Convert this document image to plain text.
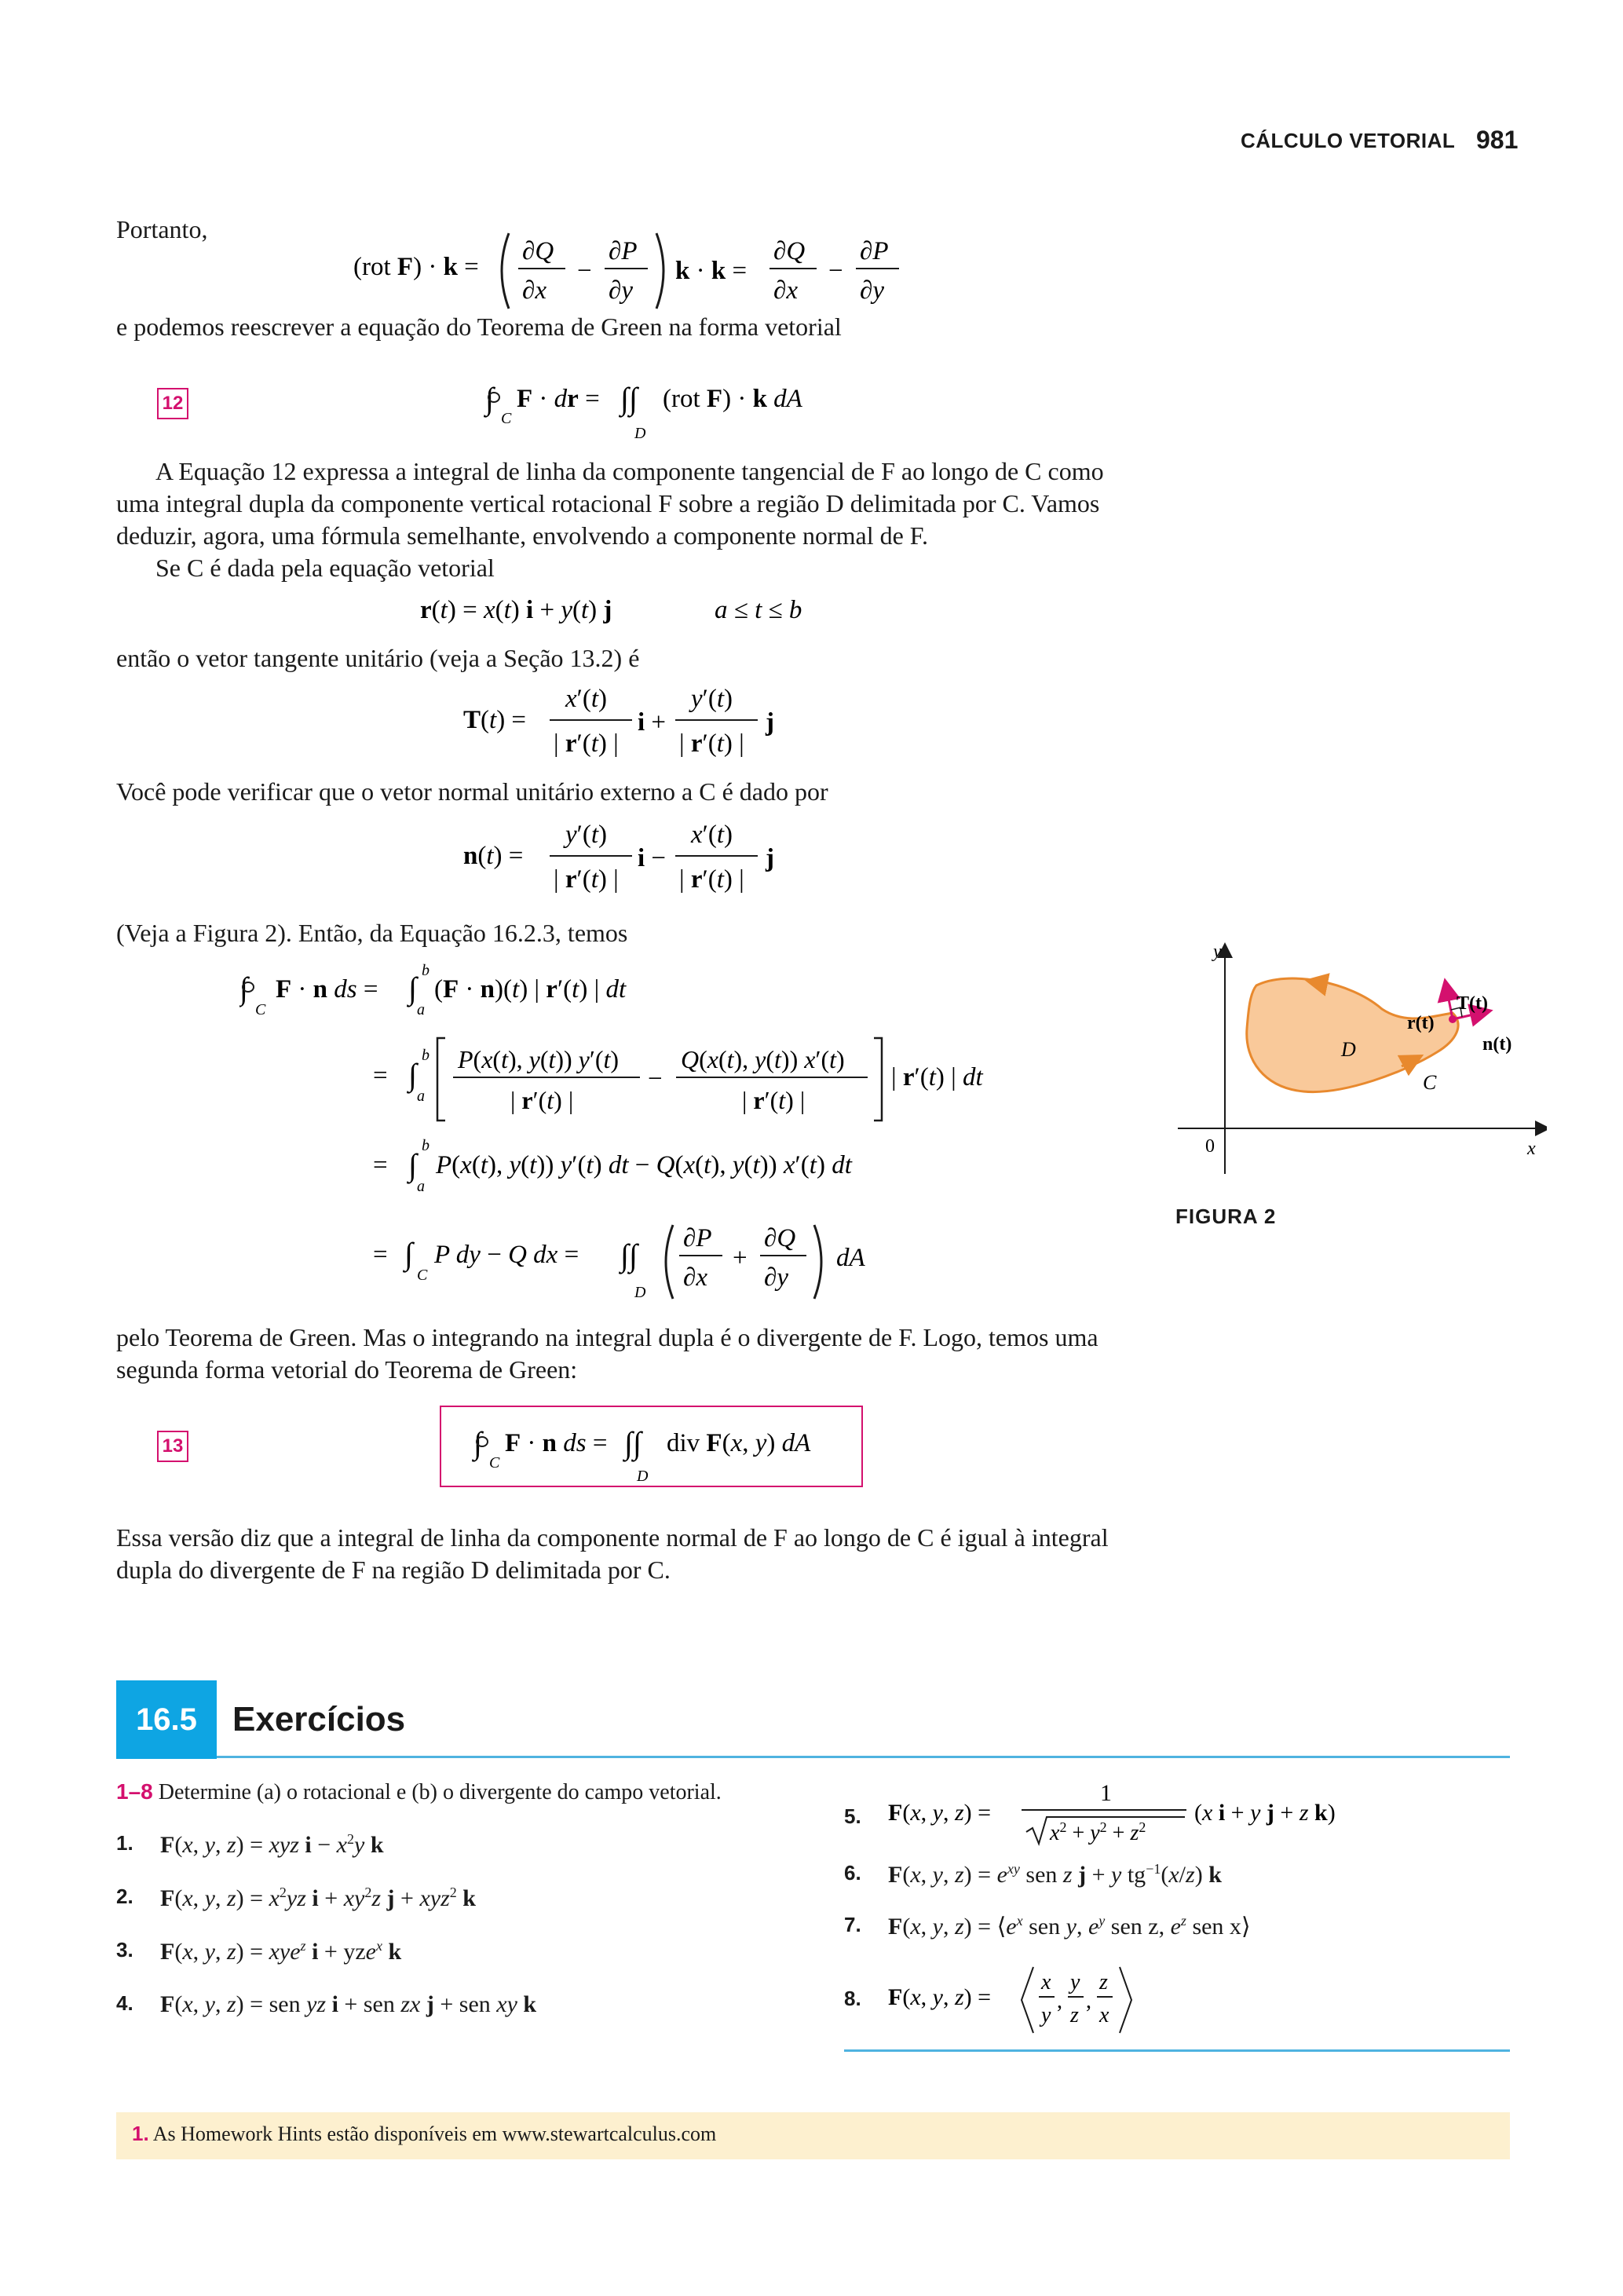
CÁLCULO VETORIAL 981
Portanto,
(rot F) · k =
∂Q
∂x
−
∂P
∂y
k · k =
∂Q
∂x
−
∂P
∂y
e podemos reescrever a equação do Teorema de Green na forma vetorial
12	∫
C
F · dr = ∫∫
D
(rot F) · k dA
A Equação 12 expressa a integral de linha da componente tangencial de F ao longo de C como uma integral dupla da componente vertical rotacional F sobre a região D delimitada por C. Vamos deduzir, agora, uma fórmula semelhante, envolvendo a componente normal de F.
Se C é dada pela equação vetorial
r(t) = x(t) i + y(t) j	a ≤ t ≤ b
então o vetor tangente unitário (veja a Seção 13.2) é
T(t) =
x′(t)
| r′(t) |
i +
y′(t)
| r′(t) |
j
Você pode verificar que o vetor normal unitário externo a C é dado por
n(t) =
y′(t)
| r′(t) |
i −
x′(t)
| r′(t) |
j
(Veja a Figura 2). Então, da Equação 16.2.3, temos
∫
C
F · n ds = ∫ b
a
(F · n)(t) | r′(t) | dt
= ∫
b
a
P(x(t), y(t)) y′(t)
| r′(t) |
−
Q(x(t), y(t)) x′(t)
| r′(t) |
| r′(t) | dt
= ∫
b
a
P(x(t), y(t)) y′(t) dt − Q(x(t), y(t)) x′(t) dt
= ∫
C
P dy − Q dx = ∫∫
D
∂P
∂x
+
∂Q
∂y
dA
y
x
0
D
C
r(t)
T(t)
n(t)
FIGURA 2
pelo Teorema de Green. Mas o integrando na integral dupla é o divergente de F. Logo, temos uma segunda forma vetorial do Teorema de Green:
13	∫
C
F · n ds = ∫∫
D
div F(x, y) dA
Essa versão diz que a integral de linha da componente normal de F ao longo de C é igual à integral dupla do divergente de F na região D delimitada por C.
16.5	Exercícios
1–8 Determine (a) o rotacional e (b) o divergente do campo vetorial.
1. F(x, y, z) = xyz $i - x^2y$ k
2. F(x, y, $z) = x^2yz$ $i + xy^2z$ j + xyz$^2$ k
3. F(x, y, z) = xye$^z$ i + yze$^x$ k
4. F(x, y, z) = sen yz i + sen zx j + sen xy k
5. F(x, y, z) =
1
$x^2 + y^2 + z^2$
(x i + y j + z k)
6. F(x, y, $z) = e^{xy}$ sen z j + y $tg^{-1}(x/z)$ k
7. F(x, y, $z) = ⟨e^x$ sen y, $e^y$ sen z, $e^z$ sen x⟩
8. F(x, y, z) =
x
y
,
y
z
,
z
x
1. As Homework Hints estão disponíveis em www.stewartcalculus.com
